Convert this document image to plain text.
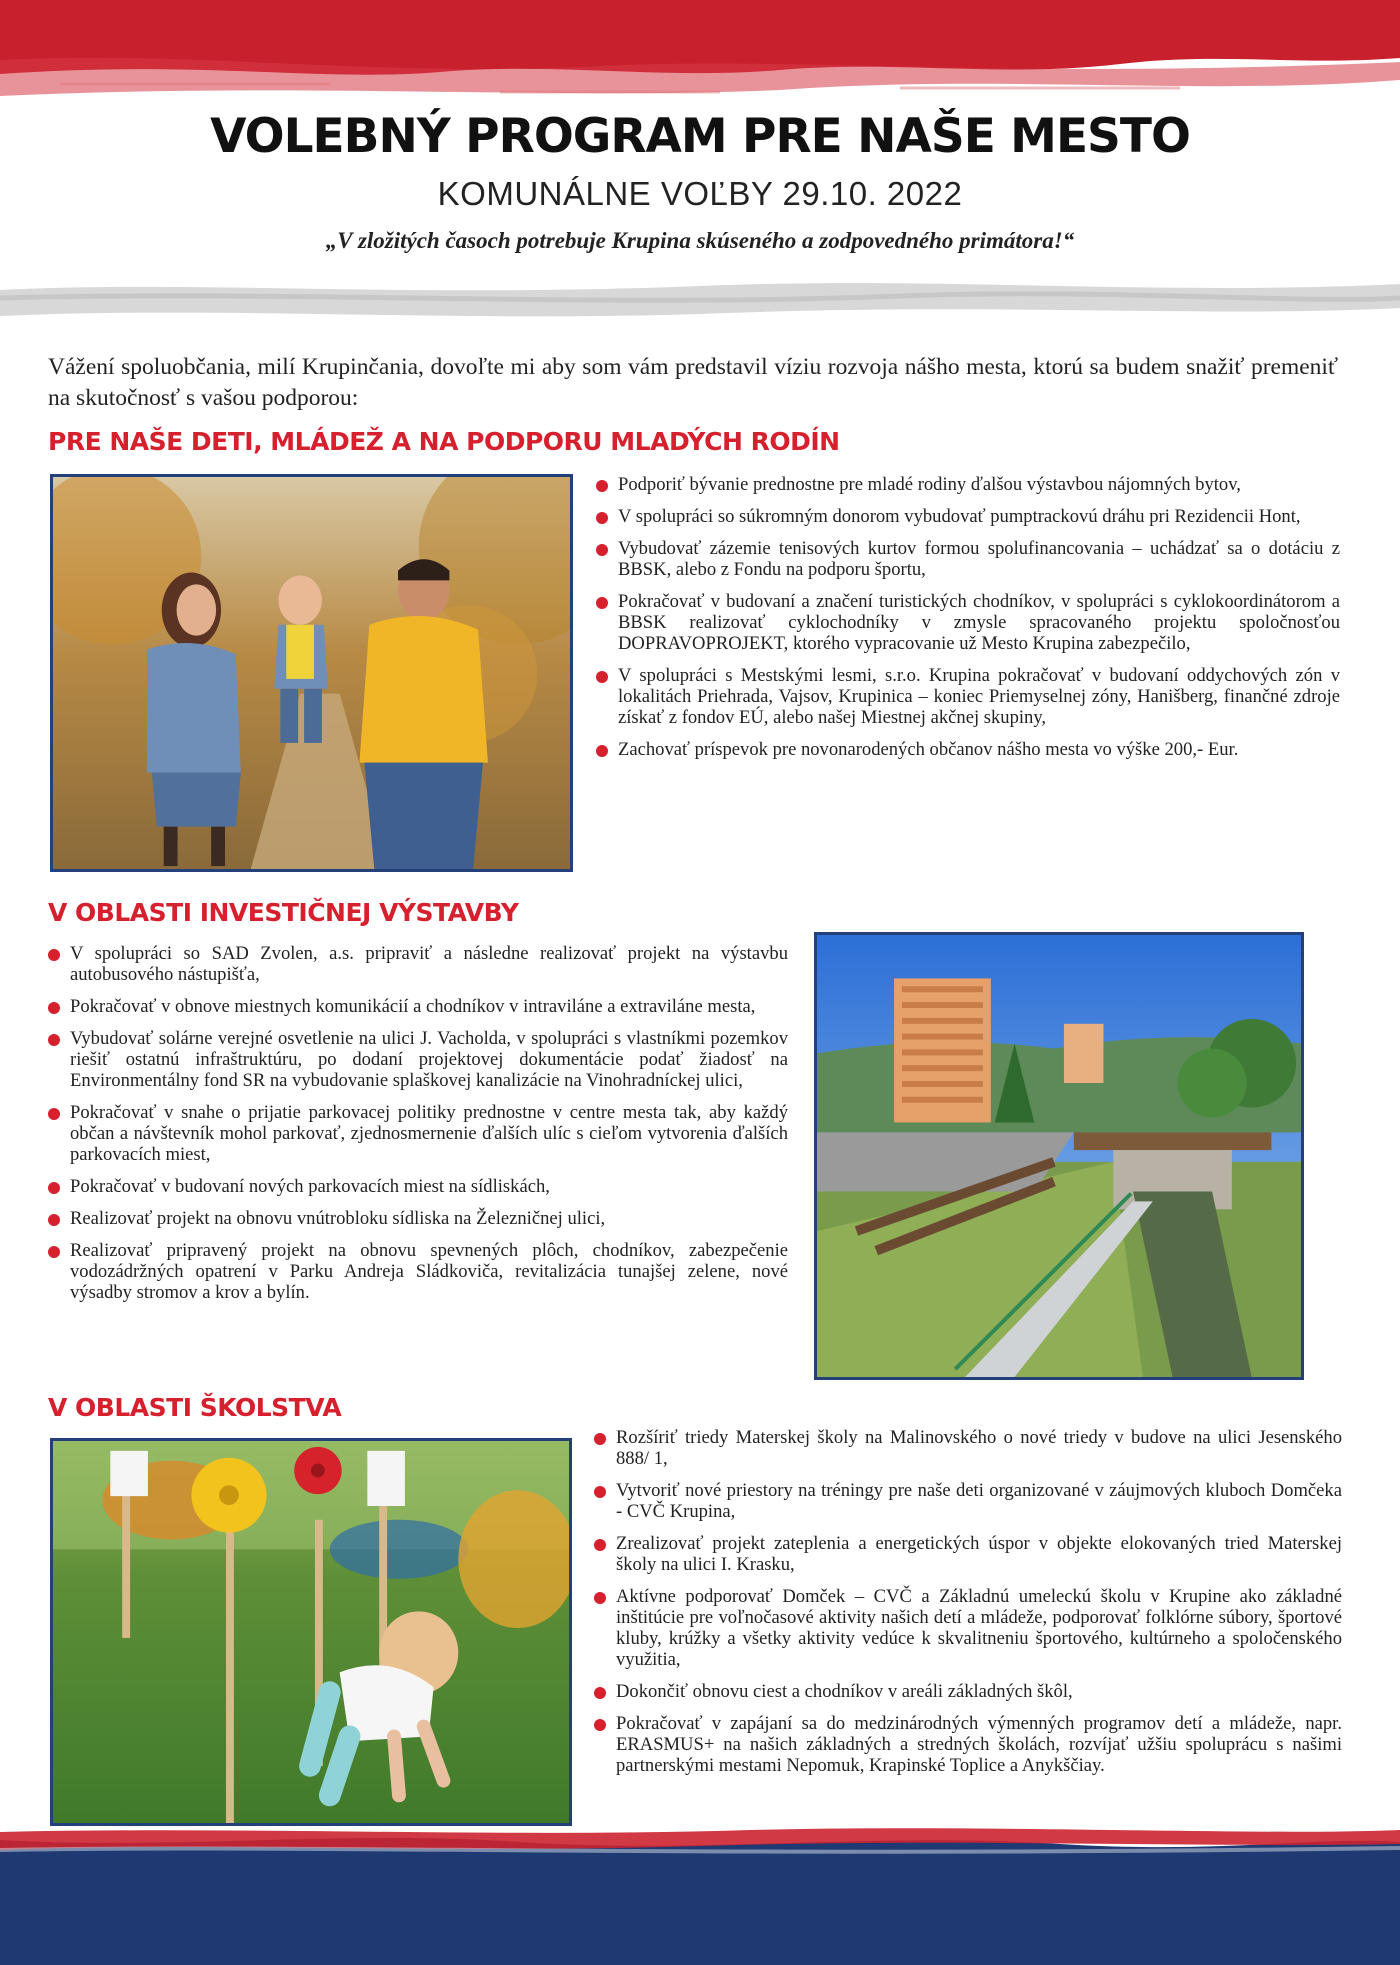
VOLEBNÝ PROGRAM PRE NAŠE MESTO
KOMUNÁLNE VOĽBY 29.10. 2022
„V zložitých časoch potrebuje Krupina skúseného a zodpovedného primátora!“

Vážení spoluobčania, milí Krupinčania, dovoľte mi aby som vám predstavil víziu rozvoja nášho mesta, ktorú sa budem snažiť premeniť na skutočnosť s vašou podporou:

PRE NAŠE DETI, MLÁDEŽ A NA PODPORU MLADÝCH RODÍN
Podporiť bývanie prednostne pre mladé rodiny ďalšou výstavbou nájomných bytov,
V spolupráci so súkromným donorom vybudovať pumptrackovú dráhu pri Rezidencii Hont,
Vybudovať zázemie tenisových kurtov formou spolufinancovania – uchádzať sa o dotáciu z BBSK, alebo z Fondu na podporu športu,
Pokračovať v budovaní a značení turistických chodníkov, v spolupráci s cyklokoordinátorom a BBSK realizovať cyklochodníky v zmysle spracovaného projektu spoločnosťou DOPRAVOPROJEKT, ktorého vypracovanie už Mesto Krupina zabezpečilo,
V spolupráci s Mestskými lesmi, s.r.o. Krupina pokračovať v budovaní oddychových zón v lokalitách Priehrada, Vajsov, Krupinica – koniec Priemyselnej zóny, Hanišberg, finančné zdroje získať z fondov EÚ, alebo našej Miestnej akčnej skupiny,
Zachovať príspevok pre novonarodených občanov nášho mesta vo výške 200,- Eur.
V OBLASTI INVESTIČNEJ VÝSTAVBY
V spolupráci so SAD Zvolen, a.s. pripraviť a následne realizovať projekt na výstavbu autobusového nástupišťa,
Pokračovať v obnove miestnych komunikácií a chodníkov v intraviláne a extraviláne mesta,
Vybudovať solárne verejné osvetlenie na ulici J. Vacholda, v spolupráci s vlastníkmi pozemkov riešiť ostatnú infraštruktúru, po dodaní projektovej dokumentácie podať žiadosť na Environmentálny fond SR na vybudovanie splaškovej kanalizácie na Vinohradníckej ulici,
Pokračovať v snahe o prijatie parkovacej politiky prednostne v centre mesta tak, aby každý občan a návštevník mohol parkovať, zjednosmernenie ďalších ulíc s cieľom vytvorenia ďalších parkovacích miest,
Pokračovať v budovaní nových parkovacích miest na sídliskách,
Realizovať projekt na obnovu vnútrobloku sídliska na Železničnej ulici,
Realizovať pripravený projekt na obnovu spevnených plôch, chodníkov, zabezpečenie vodozádržných opatrení v Parku Andreja Sládkoviča, revitalizácia tunajšej zelene, nové výsadby stromov a krov a bylín.
V OBLASTI ŠKOLSTVA
Rozšíriť triedy Materskej školy na Malinovského o nové triedy v budove na ulici Jesenského 888/ 1,
Vytvoriť nové priestory na tréningy pre naše deti organizované v záujmových kluboch Domčeka - CVČ Krupina,
Zrealizovať projekt zateplenia a energetických úspor v objekte elokovaných tried Materskej školy na ulici I. Krasku,
Aktívne podporovať Domček – CVČ a Základnú umeleckú školu v Krupine ako základné inštitúcie pre voľnočasové aktivity našich detí a mládeže, podporovať folklórne súbory, športové kluby, krúžky a všetky aktivity vedúce k skvalitneniu športového, kultúrneho a spoločenského využitia,
Dokončiť obnovu ciest a chodníkov v areáli základných škôl,
Pokračovať v zapájaní sa do medzinárodných výmenných programov detí a mládeže, napr. ERASMUS+ na našich základných a stredných školách, rozvíjať užšiu spoluprácu s našimi partnerskými mestami Nepomuk, Krapinské Toplice a Anykščiay.
